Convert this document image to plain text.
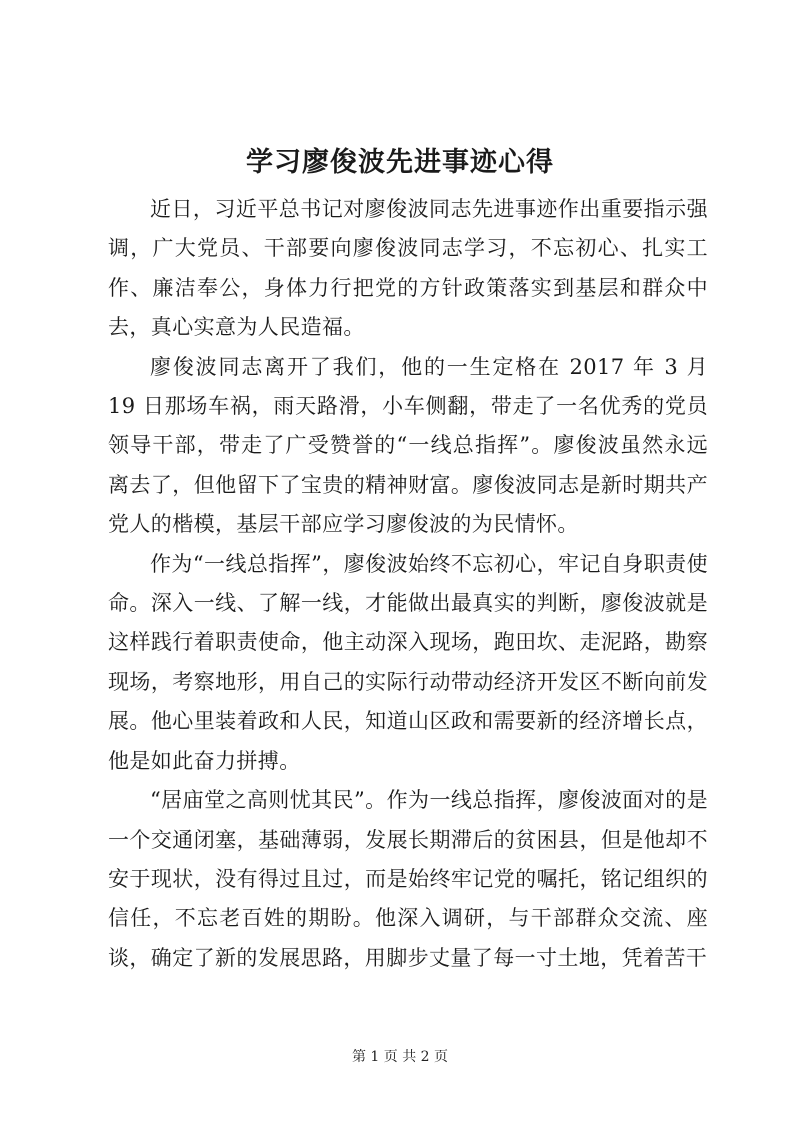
学习廖俊波先进事迹心得

近日，习近平总书记对廖俊波同志先进事迹作出重要指示强调，广大党员、干部要向廖俊波同志学习，不忘初心、扎实工作、廉洁奉公，身体力行把党的方针政策落实到基层和群众中去，真心实意为人民造福。

廖俊波同志离开了我们，他的一生定格在 2017 年 3 月 19 日那场车祸，雨天路滑，小车侧翻，带走了一名优秀的党员领导干部，带走了广受赞誉的“一线总指挥”。廖俊波虽然永远离去了，但他留下了宝贵的精神财富。廖俊波同志是新时期共产党人的楷模，基层干部应学习廖俊波的为民情怀。

作为“一线总指挥”，廖俊波始终不忘初心，牢记自身职责使命。深入一线、了解一线，才能做出最真实的判断，廖俊波就是这样践行着职责使命，他主动深入现场，跑田坎、走泥路，勘察现场，考察地形，用自己的实际行动带动经济开发区不断向前发展。他心里装着政和人民，知道山区政和需要新的经济增长点，他是如此奋力拼搏。

“居庙堂之高则忧其民”。作为一线总指挥，廖俊波面对的是一个交通闭塞，基础薄弱，发展长期滞后的贫困县，但是他却不安于现状，没有得过且过，而是始终牢记党的嘱托，铭记组织的信任，不忘老百姓的期盼。他深入调研，与干部群众交流、座谈，确定了新的发展思路，用脚步丈量了每一寸土地，凭着苦干

第 1 页 共 2 页
